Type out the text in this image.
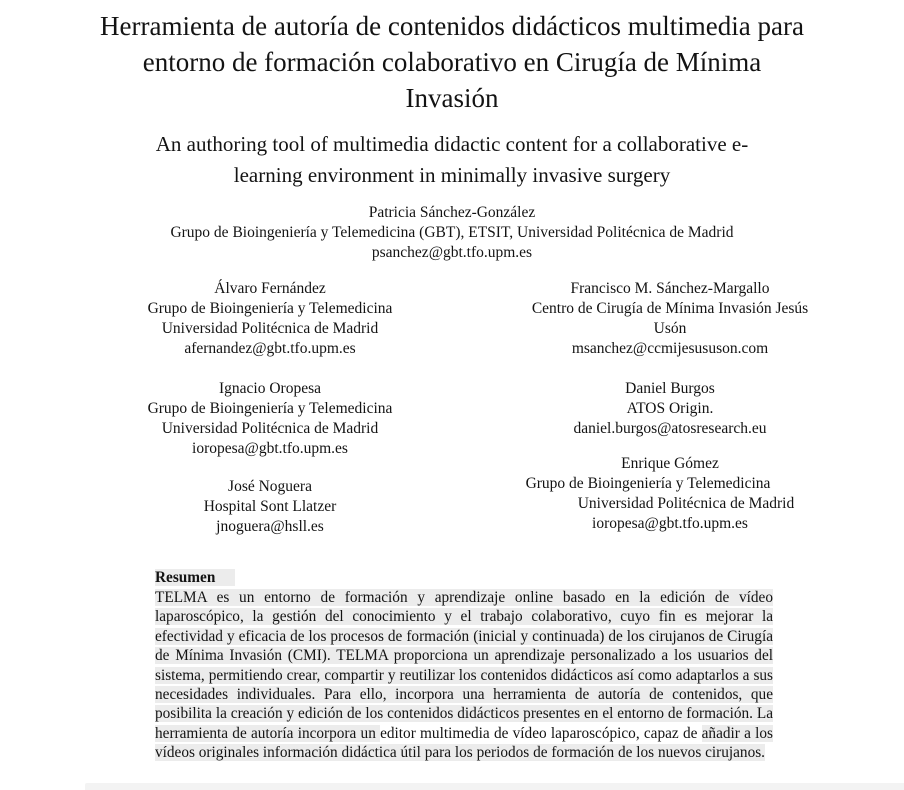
Herramienta de autoría de contenidos didácticos multimedia para
entorno de formación colaborativo en Cirugía de Mínima
Invasión
An authoring tool of multimedia didactic content for a collaborative e-
learning environment in minimally invasive surgery
Patricia Sánchez-González
Grupo de Bioingeniería y Telemedicina (GBT), ETSIT, Universidad Politécnica de Madrid
psanchez@gbt.tfo.upm.es
Álvaro Fernández
Grupo de Bioingeniería y Telemedicina
Universidad Politécnica de Madrid
afernandez@gbt.tfo.upm.es
Ignacio Oropesa
Grupo de Bioingeniería y Telemedicina
Universidad Politécnica de Madrid
ioropesa@gbt.tfo.upm.es
José Noguera
Hospital Sont Llatzer
jnoguera@hsll.es
Francisco M. Sánchez-Margallo
Centro de Cirugía de Mínima Invasión Jesús
Usón
msanchez@ccmijesususon.com
Daniel Burgos
ATOS Origin.
daniel.burgos@atosresearch.eu
Enrique Gómez
Grupo de Bioingeniería y Telemedicina
Universidad Politécnica de Madrid
ioropesa@gbt.tfo.upm.es
Resumen

TELMA es un entorno de formación y aprendizaje online basado en la edición de vídeo laparoscópico, la gestión del conocimiento y el trabajo colaborativo, cuyo fin es mejorar la efectividad y eficacia de los procesos de formación (inicial y continuada) de los cirujanos de Cirugía de Mínima Invasión (CMI). TELMA proporciona un aprendizaje personalizado a los usuarios del sistema, permitiendo crear, compartir y reutilizar los contenidos didácticos así como adaptarlos a sus necesidades individuales. Para ello, incorpora una herramienta de autoría de contenidos, que posibilita la creación y edición de los contenidos didácticos presentes en el entorno de formación. La herramienta de autoría incorpora un editor multimedia de vídeo laparoscópico, capaz de añadir a los vídeos originales información didáctica útil para los periodos de formación de los nuevos cirujanos.
